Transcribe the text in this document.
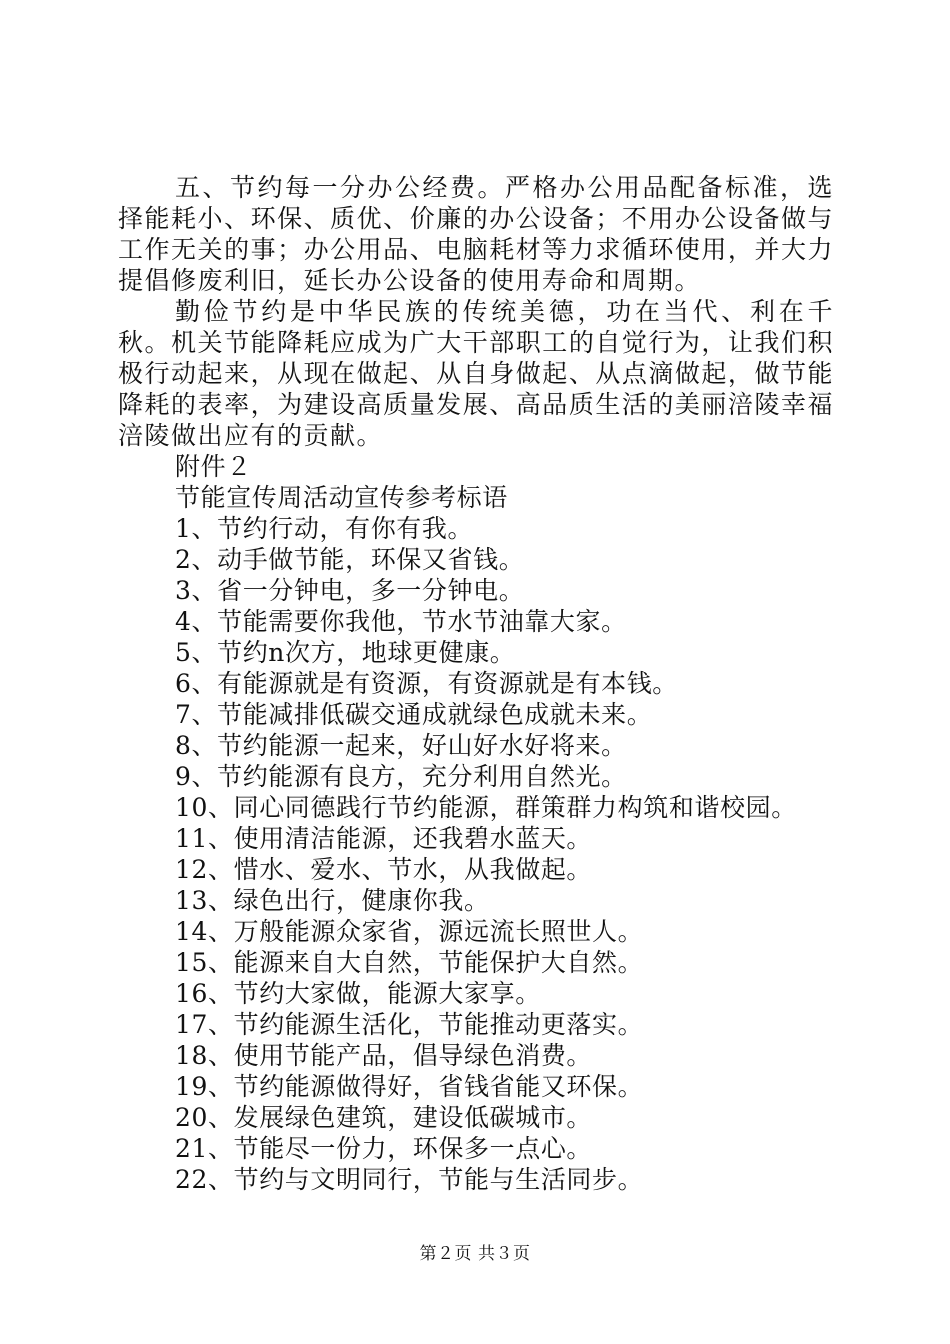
五、节约每一分办公经费。严格办公用品配备标准，选择能耗小、环保、质优、价廉的办公设备；不用办公设备做与工作无关的事；办公用品、电脑耗材等力求循环使用，并大力提倡修废利旧，延长办公设备的使用寿命和周期。

勤俭节约是中华民族的传统美德，功在当代、利在千秋。机关节能降耗应成为广大干部职工的自觉行为，让我们积极行动起来，从现在做起、从自身做起、从点滴做起，做节能降耗的表率，为建设高质量发展、高品质生活的美丽涪陵幸福涪陵做出应有的贡献。

附件２

节能宣传周活动宣传参考标语

1、节约行动，有你有我。

2、动手做节能，环保又省钱。

3、省一分钟电，多一分钟电。

4、节能需要你我他，节水节油靠大家。

5、节约n次方，地球更健康。

6、有能源就是有资源，有资源就是有本钱。

7、节能减排低碳交通成就绿色成就未来。

8、节约能源一起来，好山好水好将来。

9、节约能源有良方，充分利用自然光。

10、同心同德践行节约能源，群策群力构筑和谐校园。

11、使用清洁能源，还我碧水蓝天。

12、惜水、爱水、节水，从我做起。

13、绿色出行，健康你我。

14、万般能源众家省，源远流长照世人。

15、能源来自大自然，节能保护大自然。

16、节约大家做，能源大家享。

17、节约能源生活化，节能推动更落实。

18、使用节能产品，倡导绿色消费。

19、节约能源做得好，省钱省能又环保。

20、发展绿色建筑，建设低碳城市。

21、节能尽一份力，环保多一点心。

22、节约与文明同行，节能与生活同步。

第２页 共３页
